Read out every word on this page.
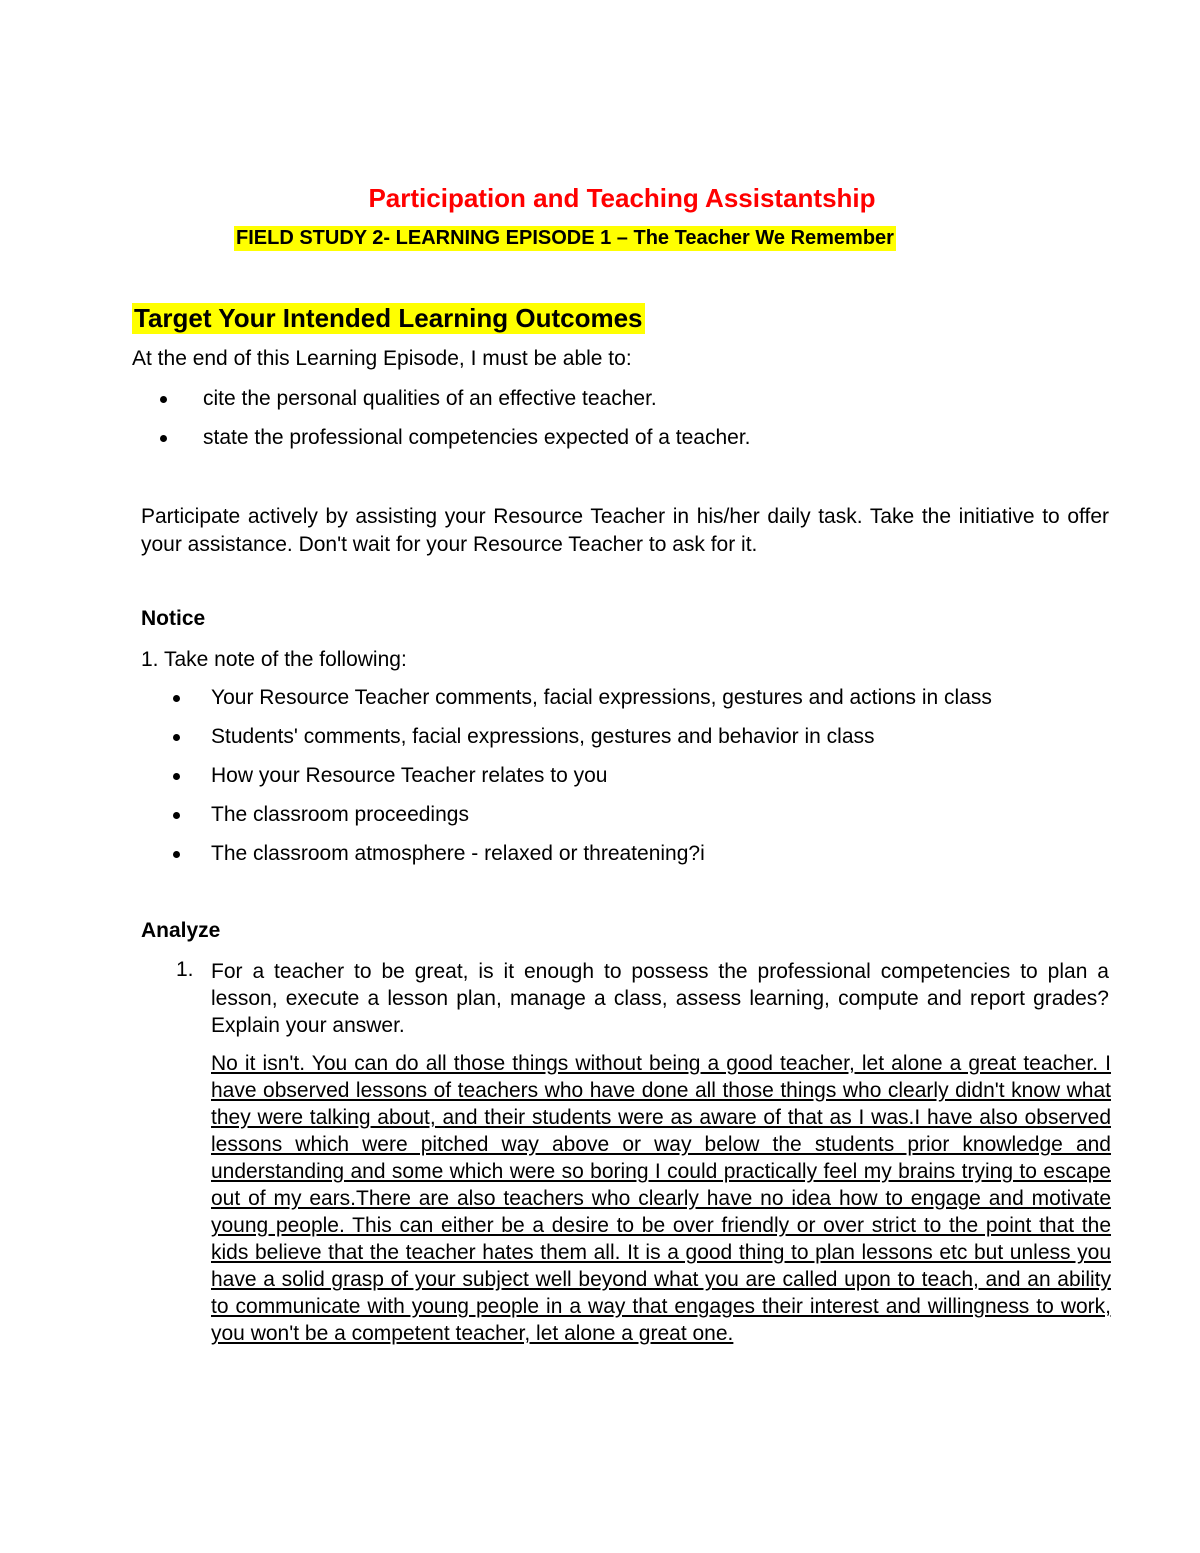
Participation and Teaching Assistantship
FIELD STUDY 2- LEARNING EPISODE 1 – The Teacher We Remember
Target Your Intended Learning Outcomes
At the end of this Learning Episode, I must be able to:
cite the personal qualities of an effective teacher.
state the professional competencies expected of a teacher.
Participate actively by assisting your Resource Teacher in his/her daily task. Take the initiative to offer your assistance. Don't wait for your Resource Teacher to ask for it.
Notice
1. Take note of the following:
Your Resource Teacher comments, facial expressions, gestures and actions in class
Students' comments, facial expressions, gestures and behavior in class
How your Resource Teacher relates to you
The classroom proceedings
The classroom atmosphere - relaxed or threatening?i
Analyze
1. For a teacher to be great, is it enough to possess the professional competencies to plan a lesson, execute a lesson plan, manage a class, assess learning, compute and report grades? Explain your answer.
No it isn't. You can do all those things without being a good teacher, let alone a great teacher. I have observed lessons of teachers who have done all those things who clearly didn't know what they were talking about, and their students were as aware of that as I was.I have also observed lessons which were pitched way above or way below the students prior knowledge and understanding and some which were so boring I could practically feel my brains trying to escape out of my ears.There are also teachers who clearly have no idea how to engage and motivate young people. This can either be a desire to be over friendly or over strict to the point that the kids believe that the teacher hates them all. It is a good thing to plan lessons etc but unless you have a solid grasp of your subject well beyond what you are called upon to teach, and an ability to communicate with young people in a way that engages their interest and willingness to work, you won't be a competent teacher, let alone a great one.
